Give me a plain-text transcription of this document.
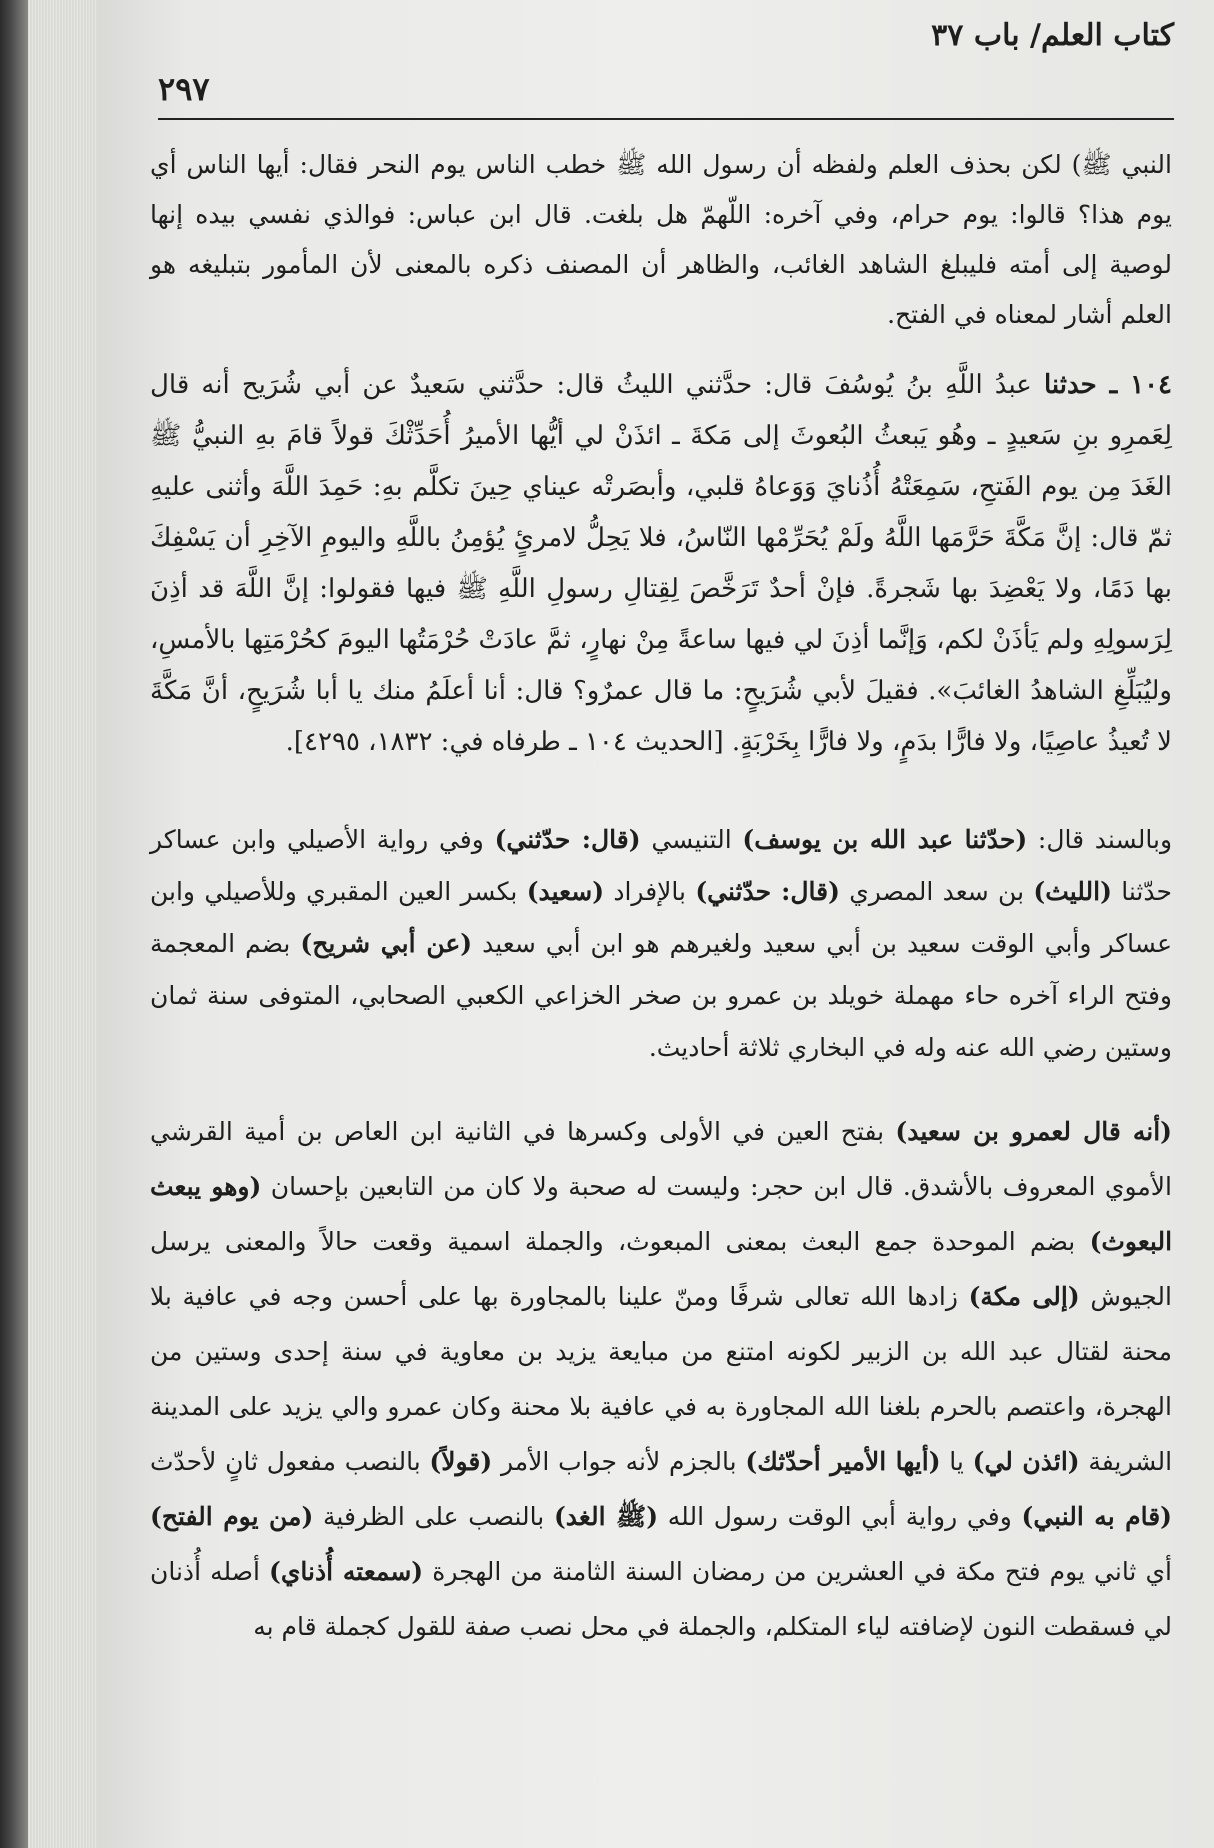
كتاب العلم/ باب ٣٧
٢٩٧

النبي ﷺ) لكن بحذف العلم ولفظه أن رسول الله ﷺ خطب الناس يوم النحر فقال: أيها الناس أي يوم هذا؟ قالوا: يوم حرام، وفي آخره: اللّهمّ هل بلغت. قال ابن عباس: فوالذي نفسي بيده إنها لوصية إلى أمته فليبلغ الشاهد الغائب، والظاهر أن المصنف ذكره بالمعنى لأن المأمور بتبليغه هو العلم أشار لمعناه في الفتح.

١٠٤ ـ حدثنا عبدُ اللَّهِ بنُ يُوسُفَ قال: حدَّثني الليثُ قال: حدَّثني سَعيدٌ عن أبي شُرَيح أنه قال لِعَمرِو بنِ سَعيدٍ ـ وهُو يَبعثُ البُعوثَ إلى مَكةَ ـ ائذَنْ لي أيُّها الأميرُ أُحَدِّثْكَ قولاً قامَ بهِ النبيُّ ﷺ الغَدَ مِن يوم الفَتحِ، سَمِعَتْهُ أُذُنايَ وَوَعاهُ قلبي، وأبصَرتْه عيناي حِينَ تكلَّم بهِ: حَمِدَ اللَّهَ وأثنى عليهِ ثمّ قال: إنَّ مَكَّةَ حَرَّمَها اللَّهُ ولَمْ يُحَرِّمْها النّاسُ، فلا يَحِلُّ لامرئٍ يُؤمِنُ باللَّهِ واليومِ الآخِرِ أن يَسْفِكَ بها دَمًا، ولا يَعْضِدَ بها شَجرةً. فإنْ أحدٌ تَرَخَّصَ لِقِتالِ رسولِ اللَّهِ ﷺ فيها فقولوا: إنَّ اللَّهَ قد أذِنَ لِرَسولِهِ ولم يَأذَنْ لكم، وَإنَّما أذِنَ لي فيها ساعةً مِنْ نهارٍ، ثمَّ عادَتْ حُرْمَتُها اليومَ كحُرْمَتِها بالأمسِ، وليُبَلِّغِ الشاهدُ الغائبَ». فقيلَ لأبي شُرَيحٍ: ما قال عمرٌو؟ قال: أنا أعلَمُ منك يا أبا شُرَيحٍ، أنَّ مَكَّةَ لا تُعيذُ عاصِيًا، ولا فارًّا بدَمٍ، ولا فارًّا بِخَرْبَةٍ. [الحديث ١٠٤ ـ طرفاه في: ١٨٣٢، ٤٢٩٥].

وبالسند قال: (حدّثنا عبد الله بن يوسف) التنيسي (قال: حدّثني) وفي رواية الأصيلي وابن عساكر حدّثنا (الليث) بن سعد المصري (قال: حدّثني) بالإفراد (سعيد) بكسر العين المقبري وللأصيلي وابن عساكر وأبي الوقت سعيد بن أبي سعيد ولغيرهم هو ابن أبي سعيد (عن أبي شريح) بضم المعجمة وفتح الراء آخره حاء مهملة خويلد بن عمرو بن صخر الخزاعي الكعبي الصحابي، المتوفى سنة ثمان وستين رضي الله عنه وله في البخاري ثلاثة أحاديث.

(أنه قال لعمرو بن سعيد) بفتح العين في الأولى وكسرها في الثانية ابن العاص بن أمية القرشي الأموي المعروف بالأشدق. قال ابن حجر: وليست له صحبة ولا كان من التابعين بإحسان (وهو يبعث البعوث) بضم الموحدة جمع البعث بمعنى المبعوث، والجملة اسمية وقعت حالاً والمعنى يرسل الجيوش (إلى مكة) زادها الله تعالى شرفًا ومنّ علينا بالمجاورة بها على أحسن وجه في عافية بلا محنة لقتال عبد الله بن الزبير لكونه امتنع من مبايعة يزيد بن معاوية في سنة إحدى وستين من الهجرة، واعتصم بالحرم بلغنا الله المجاورة به في عافية بلا محنة وكان عمرو والي يزيد على المدينة الشريفة (ائذن لي) يا (أيها الأمير أحدّثك) بالجزم لأنه جواب الأمر (قولاً) بالنصب مفعول ثانٍ لأحدّث (قام به النبي) وفي رواية أبي الوقت رسول الله (ﷺ الغد) بالنصب على الظرفية (من يوم الفتح) أي ثاني يوم فتح مكة في العشرين من رمضان السنة الثامنة من الهجرة (سمعته أُذناي) أصله أُذنان لي فسقطت النون لإضافته لياء المتكلم، والجملة في محل نصب صفة للقول كجملة قام به
